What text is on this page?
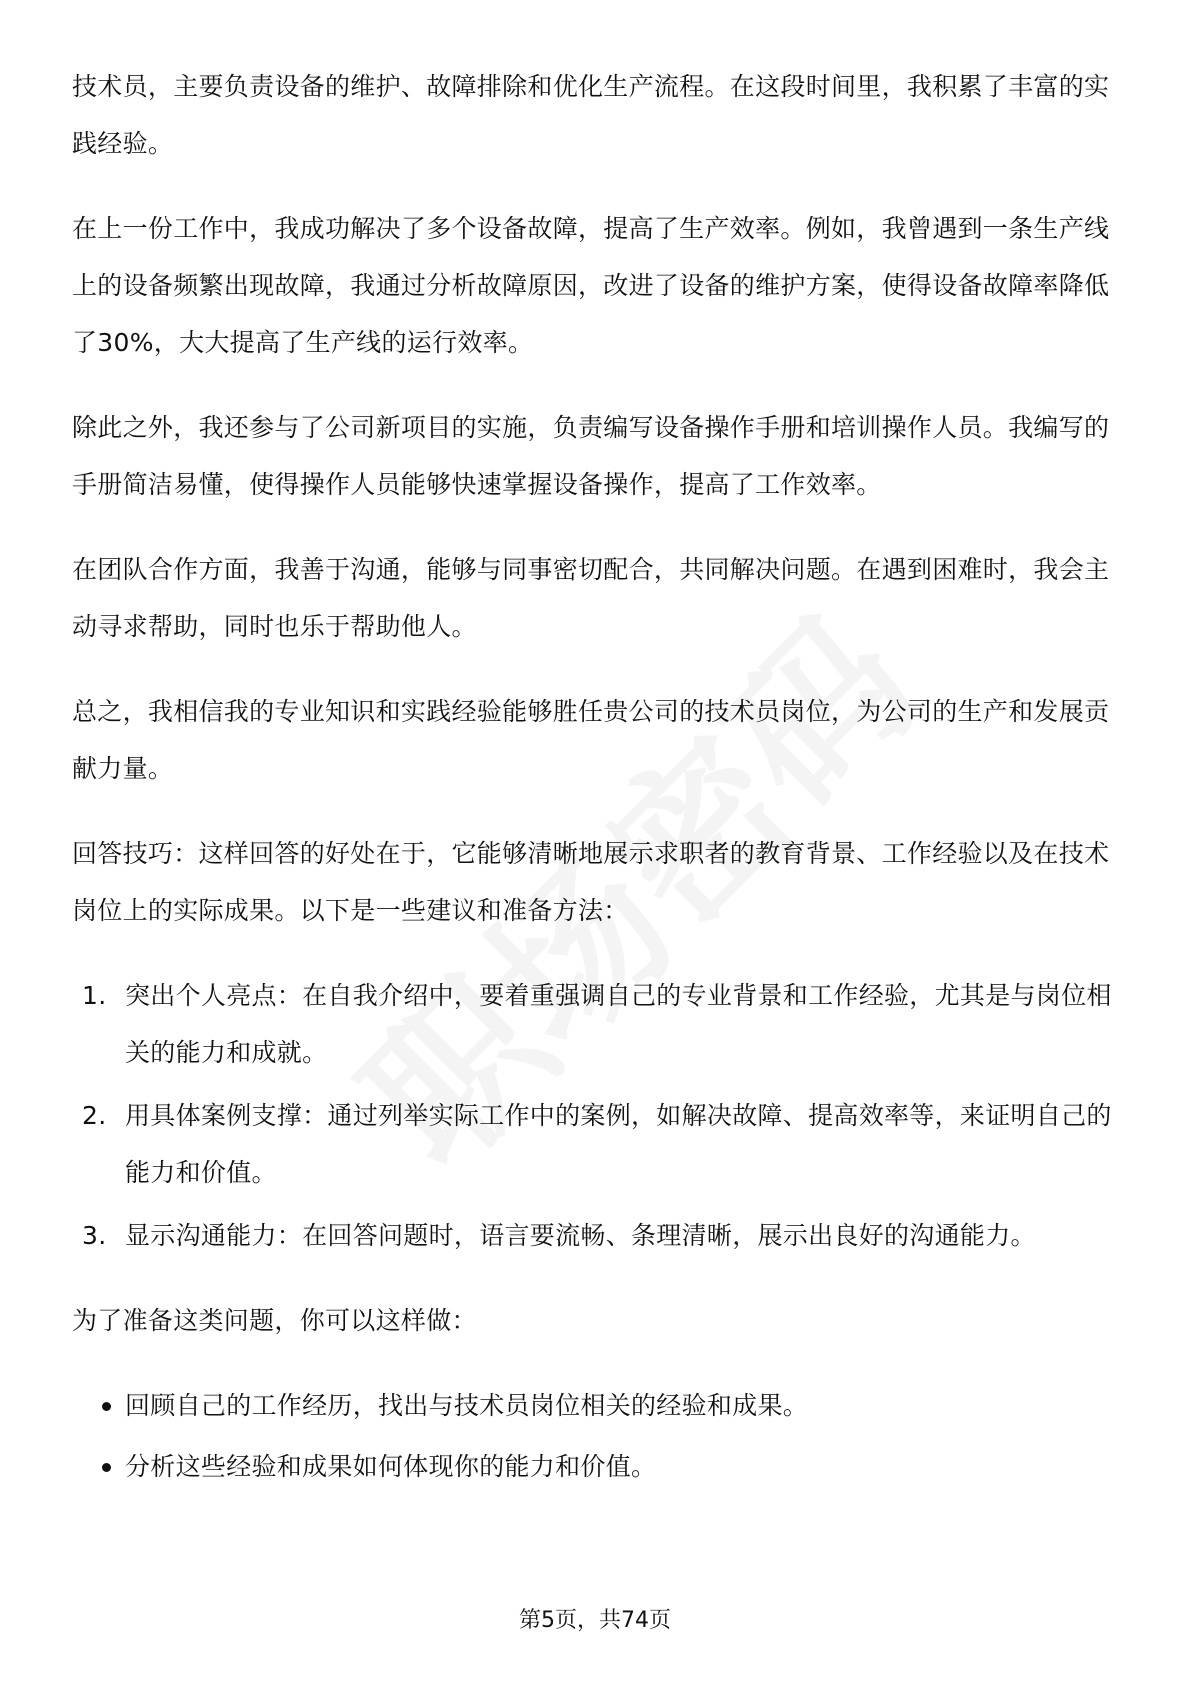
技术员，主要负责设备的维护、故障排除和优化生产流程。在这段时间里，我积累了丰富的实践经验。

在上一份工作中，我成功解决了多个设备故障，提高了生产效率。例如，我曾遇到一条生产线上的设备频繁出现故障，我通过分析故障原因，改进了设备的维护方案，使得设备故障率降低了30%，大大提高了生产线的运行效率。

除此之外，我还参与了公司新项目的实施，负责编写设备操作手册和培训操作人员。我编写的手册简洁易懂，使得操作人员能够快速掌握设备操作，提高了工作效率。

在团队合作方面，我善于沟通，能够与同事密切配合，共同解决问题。在遇到困难时，我会主动寻求帮助，同时也乐于帮助他人。

总之，我相信我的专业知识和实践经验能够胜任贵公司的技术员岗位，为公司的生产和发展贡献力量。

回答技巧：这样回答的好处在于，它能够清晰地展示求职者的教育背景、工作经验以及在技术岗位上的实际成果。以下是一些建议和准备方法：

1. 突出个人亮点：在自我介绍中，要着重强调自己的专业背景和工作经验，尤其是与岗位相关的能力和成就。
2. 用具体案例支撑：通过列举实际工作中的案例，如解决故障、提高效率等，来证明自己的能力和价值。
3. 显示沟通能力：在回答问题时，语言要流畅、条理清晰，展示出良好的沟通能力。

为了准备这类问题，你可以这样做：

回顾自己的工作经历，找出与技术员岗位相关的经验和成果。
分析这些经验和成果如何体现你的能力和价值。
第5页，共74页
